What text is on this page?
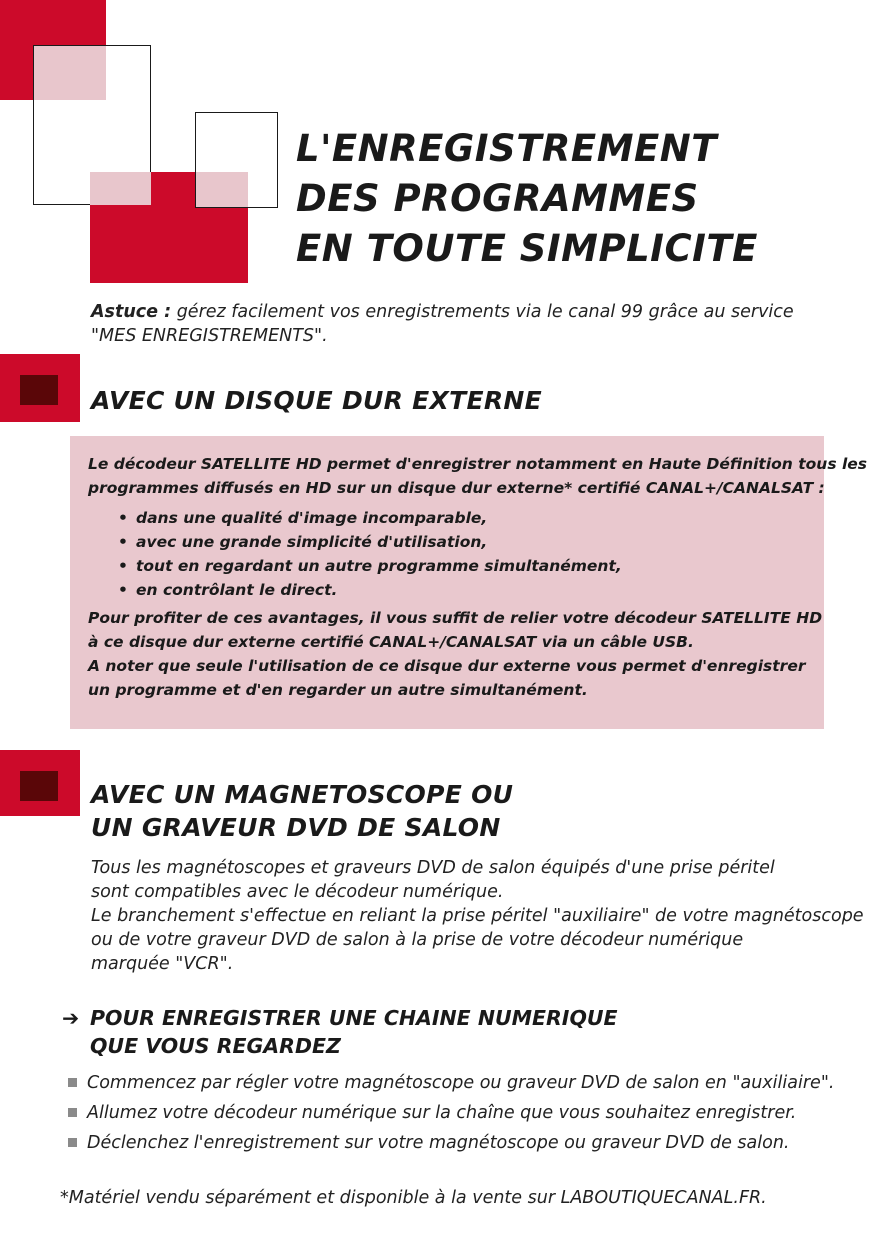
L'ENREGISTREMENT
DES PROGRAMMES
EN TOUTE SIMPLICITE
Astuce : gérez facilement vos enregistrements via le canal 99 grâce au service
"MES ENREGISTREMENTS".
AVEC UN DISQUE DUR EXTERNE
Le décodeur SATELLITE HD permet d'enregistrer notamment en Haute Définition tous les
programmes diffusés en HD sur un disque dur externe* certifié CANAL+/CANALSAT :
• dans une qualité d'image incomparable,
• avec une grande simplicité d'utilisation,
• tout en regardant un autre programme simultanément,
• en contrôlant le direct.
Pour profiter de ces avantages, il vous suffit de relier votre décodeur SATELLITE HD
à ce disque dur externe certifié CANAL+/CANALSAT via un câble USB.
A noter que seule l'utilisation de ce disque dur externe vous permet d'enregistrer
un programme et d'en regarder un autre simultanément.
AVEC UN MAGNETOSCOPE OU
UN GRAVEUR DVD DE SALON
Tous les magnétoscopes et graveurs DVD de salon équipés d'une prise péritel
sont compatibles avec le décodeur numérique.
Le branchement s'effectue en reliant la prise péritel "auxiliaire" de votre magnétoscope
ou de votre graveur DVD de salon à la prise de votre décodeur numérique
marquée "VCR".
➔ POUR ENREGISTRER UNE CHAINE NUMERIQUE
QUE VOUS REGARDEZ
Commencez par régler votre magnétoscope ou graveur DVD de salon en "auxiliaire".
Allumez votre décodeur numérique sur la chaîne que vous souhaitez enregistrer.
Déclenchez l'enregistrement sur votre magnétoscope ou graveur DVD de salon.
*Matériel vendu séparément et disponible à la vente sur LABOUTIQUECANAL.FR.
